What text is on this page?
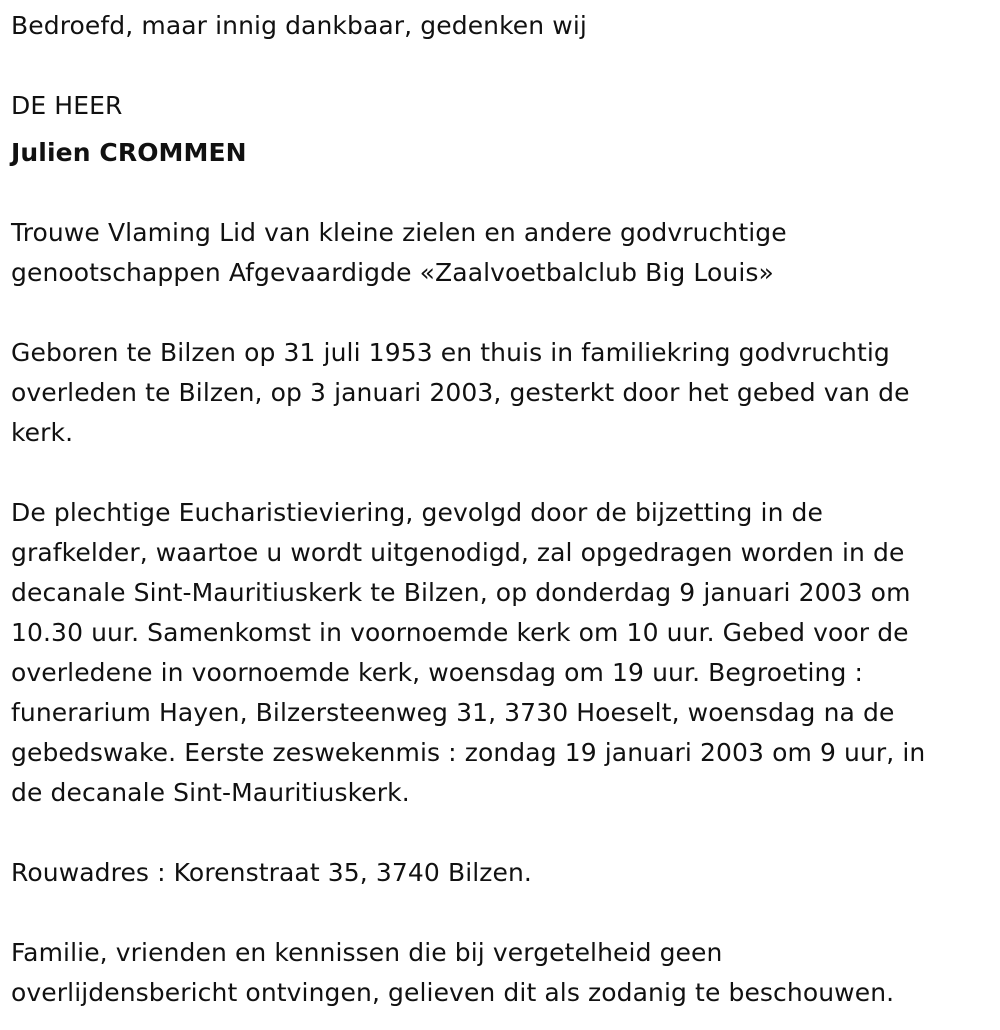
Bedroefd, maar innig dankbaar, gedenken wij

DE HEER

Julien CROMMEN

Trouwe Vlaming Lid van kleine zielen en andere godvruchtige

genootschappen Afgevaardigde «Zaalvoetbalclub Big Louis»

Geboren te Bilzen op 31 juli 1953 en thuis in familiekring godvruchtig

overleden te Bilzen, op 3 januari 2003, gesterkt door het gebed van de

kerk.

De plechtige Eucharistieviering, gevolgd door de bijzetting in de

grafkelder, waartoe u wordt uitgenodigd, zal opgedragen worden in de

decanale Sint-Mauritiuskerk te Bilzen, op donderdag 9 januari 2003 om

10.30 uur. Samenkomst in voornoemde kerk om 10 uur. Gebed voor de

overledene in voornoemde kerk, woensdag om 19 uur. Begroeting :

funerarium Hayen, Bilzersteenweg 31, 3730 Hoeselt, woensdag na de

gebedswake. Eerste zeswekenmis : zondag 19 januari 2003 om 9 uur, in

de decanale Sint-Mauritiuskerk.

Rouwadres : Korenstraat 35, 3740 Bilzen.

Familie, vrienden en kennissen die bij vergetelheid geen

overlijdensbericht ontvingen, gelieven dit als zodanig te beschouwen.
